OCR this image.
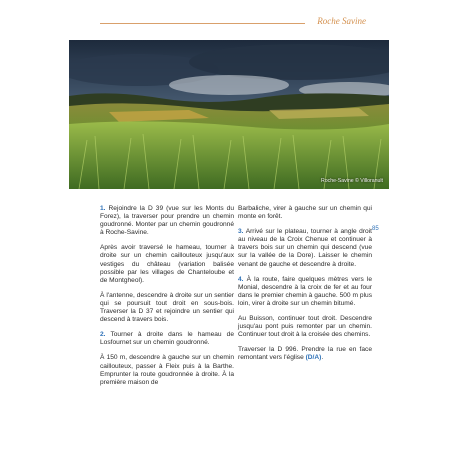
Roche Savine
Roche-Savine © Villoranult
85

1. Rejoindre la D 39 (vue sur les Monts du Forez), la traverser pour prendre un chemin goudronné. Monter par un chemin goudronné à Roche-Savine.

Après avoir traversé le hameau, tourner à droite sur un chemin caillouteux jusqu'aux vestiges du château (variation balisée possible par les villages de Chanteloube et de Montgheol).

À l'antenne, descendre à droite sur un sentier qui se poursuit tout droit en sous-bois. Traverser la D 37 et rejoindre un sentier qui descend à travers bois.

2. Tourner à droite dans le hameau de Losfournet sur un chemin goudronné.

À 150 m, descendre à gauche sur un chemin caillouteux, passer à Fleix puis à la Barthe. Emprunter la route goudronnée à droite. À la première maison de

Barbaliche, virer à gauche sur un chemin qui monte en forêt.

3. Arrivé sur le plateau, tourner à angle droit au niveau de la Croix Chenue et continuer à travers bois sur un chemin qui descend (vue sur la vallée de la Dore). Laisser le chemin venant de gauche et descendre à droite.

4. À la route, faire quelques mètres vers le Monial, descendre à la croix de fer et au four dans le premier chemin à gauche. 500 m plus loin, virer à droite sur un chemin bitumé.

Au Buisson, continuer tout droit. Descendre jusqu'au pont puis remonter par un chemin. Continuer tout droit à la croisée des chemins.

Traverser la D 996. Prendre la rue en face remontant vers l'église (D/A).
